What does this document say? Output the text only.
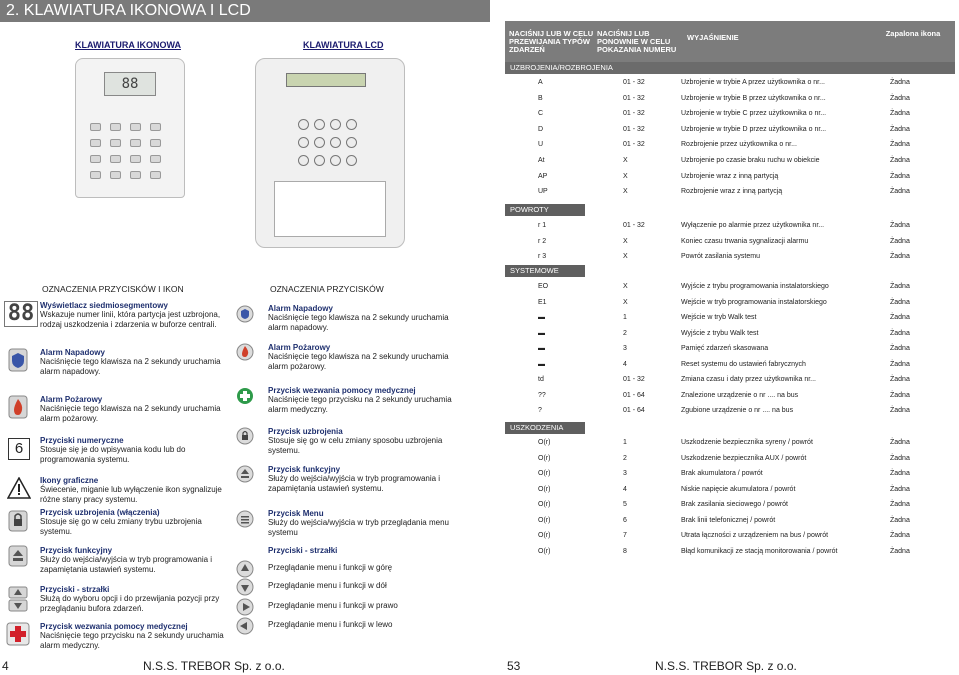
2. KLAWIATURA IKONOWA I LCD
KLAWIATURA IKONOWA	KLAWIATURA LCD
88
NACIŚNIJ LUB W CELU PRZEWIJANIA TYPÓW ZDARZEŃ
NACIŚNIJ LUB PONOWNIE W CELU POKAZANIA NUMERU
WYJAŚNIENIE	Zapalona ikona
UZBROJENIA/ROZBROJENIA
A	01 - 32	Uzbrojenie w trybie A przez użytkownika o nr...	Żadna
B	01 - 32	Uzbrojenie w trybie B przez użytkownika o nr...	Żadna
C	01 - 32	Uzbrojenie w trybie C przez użytkownika o nr...	Żadna
D	01 - 32	Uzbrojenie w trybie D przez użytkownika o nr...	Żadna
U	01 - 32	Rozbrojenie przez użytkownika o nr...	Żadna
At	X	Uzbrojenie po czasie braku ruchu w obiekcie	Żadna
AP	X	Uzbrojenie wraz z inną partycją	Żadna
UP	X	Rozbrojenie wraz z inną partycją	Żadna
POWROTY
r 1	01 - 32	Wyłączenie po alarmie przez użytkownika nr...	Żadna
r 2	X	Koniec czasu trwania sygnalizacji alarmu	Żadna
r 3	X	Powrót zasilania systemu	Żadna
SYSTEMOWE
EO	X	Wyjście z trybu programowania instalatorskiego	Żadna
E1	X	Wejście w tryb programowania instalatorskiego	Żadna
▬	1	Wejście w tryb Walk test	Żadna
▬	2	Wyjście z trybu Walk test	Żadna
▬	3	Pamięć zdarzeń skasowana	Żadna
▬	4	Reset systemu do ustawień fabrycznych	Żadna
td	01 - 32	Zmiana czasu i daty przez użytkownika nr...	Żadna
??	01 - 64	Znalezione urządzenie o nr .... na bus	Żadna
?	01 - 64	Zgubione urządzenie o nr .... na bus	Żadna
USZKODZENIA
O(r)	1	Uszkodzenie bezpiecznika syreny / powrót	Żadna
O(r)	2	Uszkodzenie bezpiecznika AUX / powrót	Żadna
O(r)	3	Brak akumulatora / powrót	Żadna
O(r)	4	Niskie napięcie akumulatora / powrót	Żadna
O(r)	5	Brak zasilania sieciowego / powrót	Żadna
O(r)	6	Brak linii telefonicznej / powrót	Żadna
O(r)	7	Utrata łączności z urządzeniem na bus / powrót	Żadna
O(r)	8	Błąd komunikacji ze stacją monitorowania / powrót	Żadna
OZNACZENIA PRZYCISKÓW I IKON	OZNACZENIA PRZYCISKÓW
88
6
Wyświetlacz siedmiosegmentowy
Wskazuje numer linii, która partycja jest uzbrojona, rodzaj uszkodzenia i zdarzenia w buforze centrali.
Alarm Napadowy
Naciśnięcie tego klawisza na 2 sekundy uruchamia alarm napadowy.
Alarm Pożarowy
Naciśnięcie tego klawisza na 2 sekundy uruchamia alarm pożarowy.
Przyciski numeryczne
Stosuje się je do wpisywania kodu lub do programowania systemu.
Ikony graficzne
Świecenie, miganie lub wyłączenie ikon sygnalizuje różne stany pracy systemu.
Przycisk uzbrojenia (włączenia)
Stosuje się go w celu zmiany trybu uzbrojenia systemu.
Przycisk funkcyjny
Służy do wejścia/wyjścia w tryb programowania i zapamiętania ustawień systemu.
Przyciski - strzałki
Służą do wyboru opcji i do przewijania pozycji przy przeglądaniu bufora zdarzeń.
Przycisk wezwania pomocy medycznej
Naciśnięcie tego przycisku na 2 sekundy uruchamia alarm medyczny.
Alarm Napadowy
Naciśnięcie tego klawisza na 2 sekundy uruchamia alarm napadowy.
Alarm Pożarowy
Naciśnięcie tego klawisza na 2 sekundy uruchamia alarm pożarowy.
Przycisk wezwania pomocy medycznej
Naciśnięcie tego przycisku na 2 sekundy uruchamia alarm medyczny.
Przycisk uzbrojenia
Stosuje się go w celu zmiany sposobu uzbrojenia systemu.
Przycisk funkcyjny
Służy do wejścia/wyjścia w tryb programowania i zapamiętania ustawień systemu.
Przycisk Menu
Służy do wejścia/wyjścia w tryb przeglądania menu systemu
Przyciski - strzałki
Przeglądanie menu i funkcji w górę
Przeglądanie menu i funkcji w dół
Przeglądanie menu i funkcji w prawo
Przeglądanie menu i funkcji w lewo
4	N.S.S. TREBOR Sp. z o.o.	53	N.S.S. TREBOR Sp. z o.o.
